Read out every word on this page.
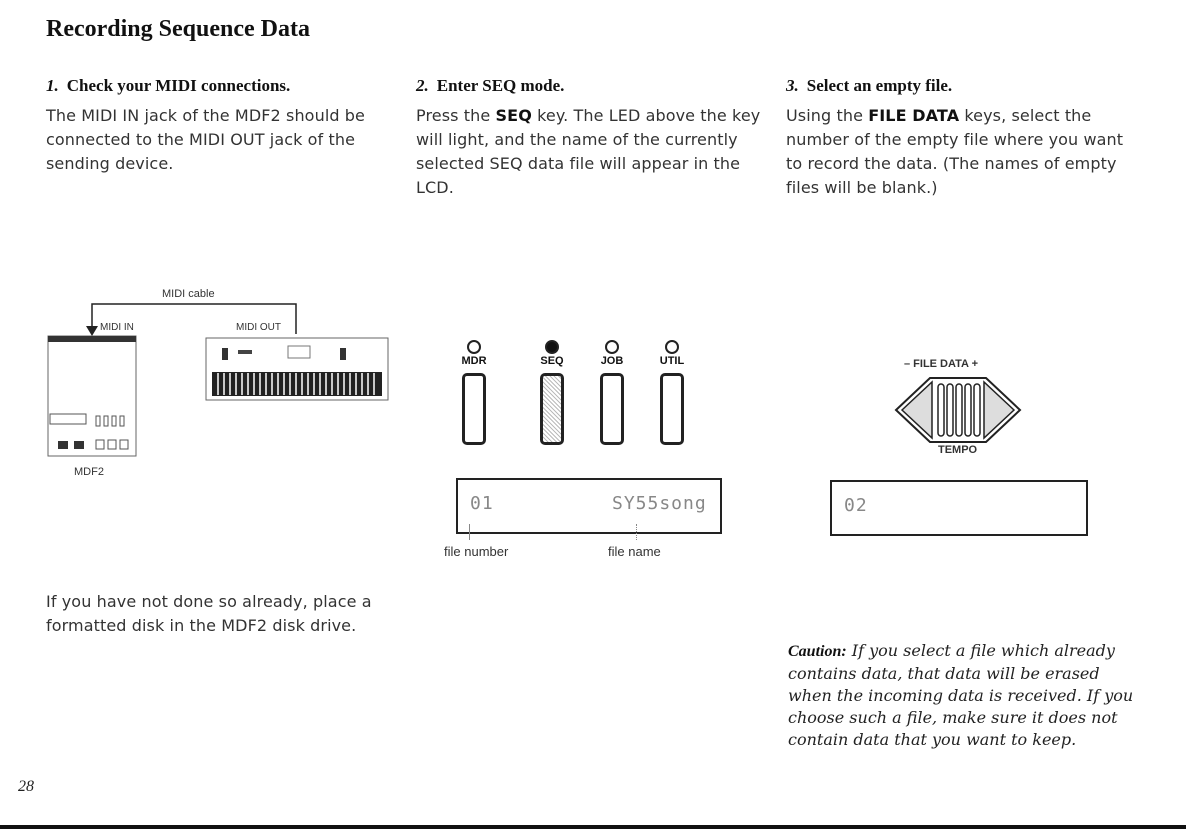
Recording Sequence Data
1. Check your MIDI connections.
The MIDI IN jack of the MDF2 should be connected to the MIDI OUT jack of the sending device.
2. Enter SEQ mode.
Press the SEQ key. The LED above the key will light, and the name of the currently selected SEQ data file will appear in the LCD.
3. Select an empty file.
Using the FILE DATA keys, select the number of the empty file where you want to record the data. (The names of empty files will be blank.)
MIDI cable
MIDI IN	MIDI OUT
MDF2
MDR	SEQ	JOB	UTIL
01	SY55song
file number	file name
– FILE DATA +
TEMPO
02
If you have not done so already, place a formatted disk in the MDF2 disk drive.
Caution: If you select a file which already contains data, that data will be erased when the incoming data is received. If you choose such a file, make sure it does not contain data that you want to keep.
28
